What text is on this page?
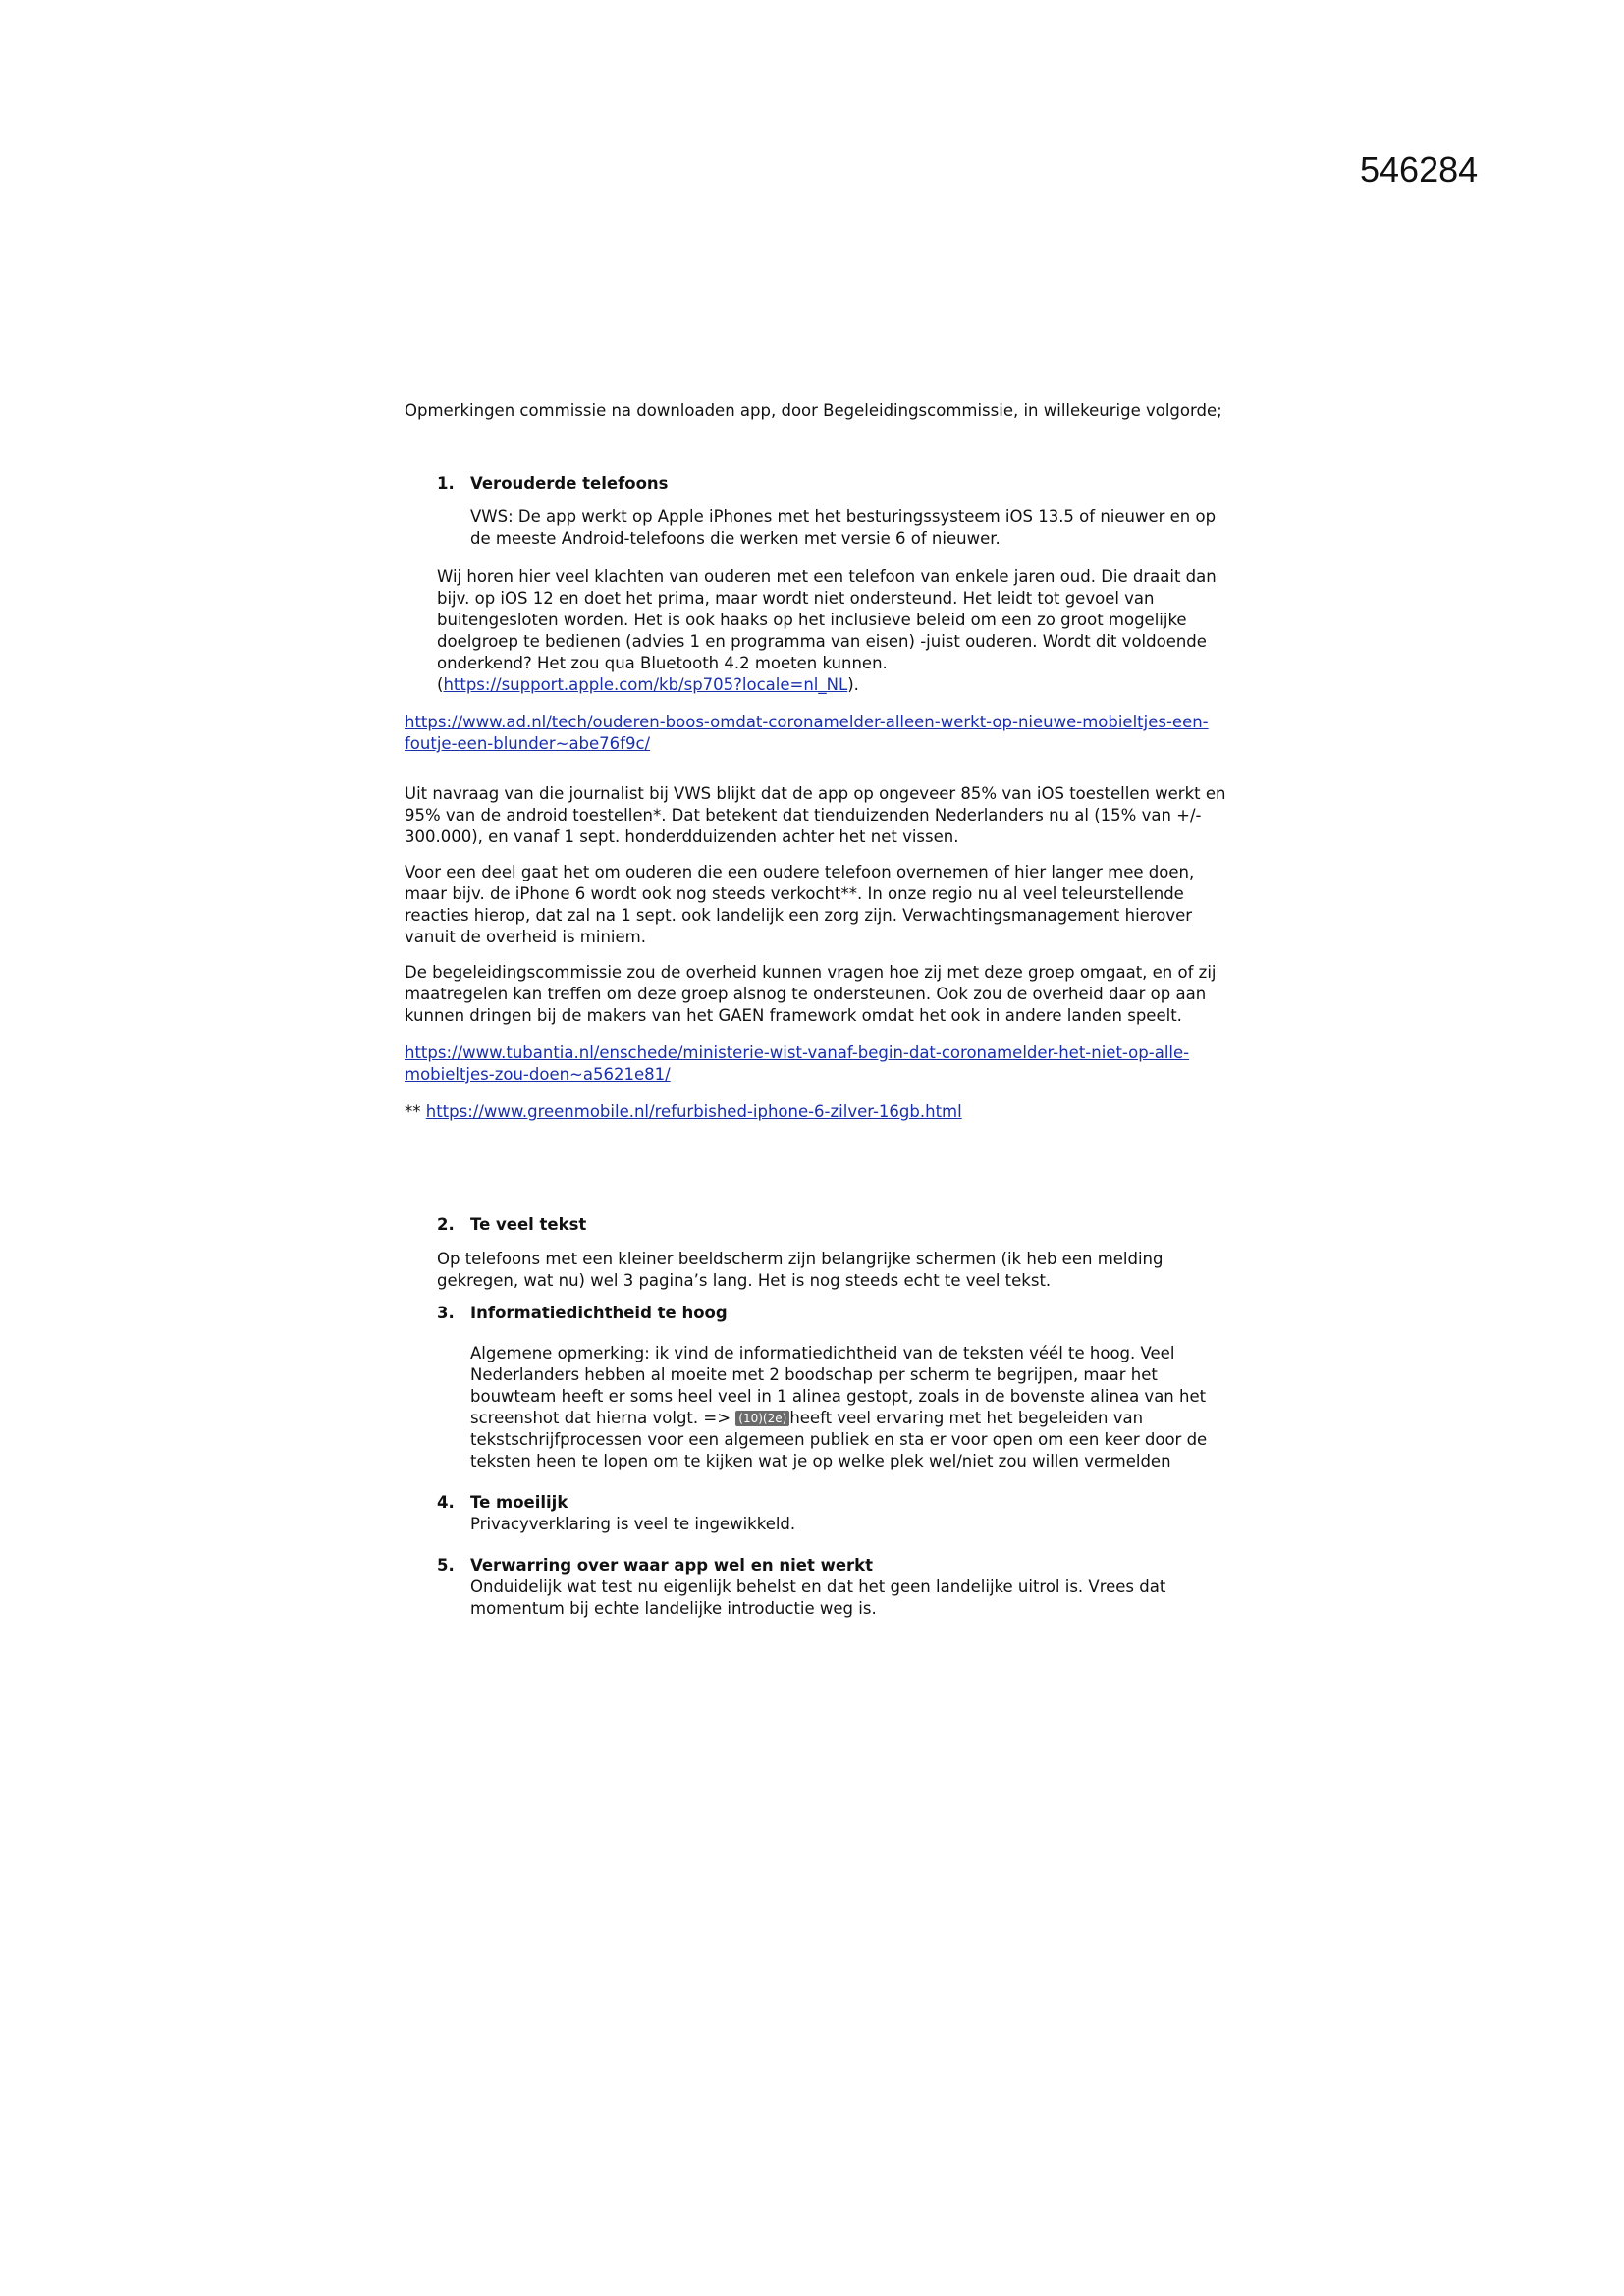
546284

Opmerkingen commissie na downloaden app, door Begeleidingscommissie, in willekeurige volgorde;

1. Verouderde telefoons

VWS: De app werkt op Apple iPhones met het besturingssysteem iOS 13.5 of nieuwer en op de meeste Android-telefoons die werken met versie 6 of nieuwer.

Wij horen hier veel klachten van ouderen met een telefoon van enkele jaren oud. Die draait dan bijv. op iOS 12 en doet het prima, maar wordt niet ondersteund. Het leidt tot gevoel van buitengesloten worden. Het is ook haaks op het inclusieve beleid om een zo groot mogelijke doelgroep te bedienen (advies 1 en programma van eisen) -juist ouderen. Wordt dit voldoende onderkend? Het zou qua Bluetooth 4.2 moeten kunnen.
(https://support.apple.com/kb/sp705?locale=nl_NL).

https://www.ad.nl/tech/ouderen-boos-omdat-coronamelder-alleen-werkt-op-nieuwe-mobieltjes-een-foutje-een-blunder~abe76f9c/

Uit navraag van die journalist bij VWS blijkt dat de app op ongeveer 85% van iOS toestellen werkt en 95% van de android toestellen*. Dat betekent dat tienduizenden Nederlanders nu al (15% van +/- 300.000), en vanaf 1 sept. honderdduizenden achter het net vissen.

Voor een deel gaat het om ouderen die een oudere telefoon overnemen of hier langer mee doen, maar bijv. de iPhone 6 wordt ook nog steeds verkocht**. In onze regio nu al veel teleurstellende reacties hierop, dat zal na 1 sept. ook landelijk een zorg zijn. Verwachtingsmanagement hierover vanuit de overheid is miniem.

De begeleidingscommissie zou de overheid kunnen vragen hoe zij met deze groep omgaat, en of zij maatregelen kan treffen om deze groep alsnog te ondersteunen. Ook zou de overheid daar op aan kunnen dringen bij de makers van het GAEN framework omdat het ook in andere landen speelt.

https://www.tubantia.nl/enschede/ministerie-wist-vanaf-begin-dat-coronamelder-het-niet-op-alle-mobieltjes-zou-doen~a5621e81/

** https://www.greenmobile.nl/refurbished-iphone-6-zilver-16gb.html

2. Te veel tekst

Op telefoons met een kleiner beeldscherm zijn belangrijke schermen (ik heb een melding gekregen, wat nu) wel 3 pagina’s lang. Het is nog steeds echt te veel tekst.

3. Informatiedichtheid te hoog

Algemene opmerking: ik vind de informatiedichtheid van de teksten véél te hoog. Veel Nederlanders hebben al moeite met 2 boodschap per scherm te begrijpen, maar het bouwteam heeft er soms heel veel in 1 alinea gestopt, zoals in de bovenste alinea van het screenshot dat hierna volgt. => (10)(2e) heeft veel ervaring met het begeleiden van tekstschrijfprocessen voor een algemeen publiek en sta er voor open om een keer door de teksten heen te lopen om te kijken wat je op welke plek wel/niet zou willen vermelden

4. Te moeilijk

Privacyverklaring is veel te ingewikkeld.

5. Verwarring over waar app wel en niet werkt

Onduidelijk wat test nu eigenlijk behelst en dat het geen landelijke uitrol is. Vrees dat momentum bij echte landelijke introductie weg is.
